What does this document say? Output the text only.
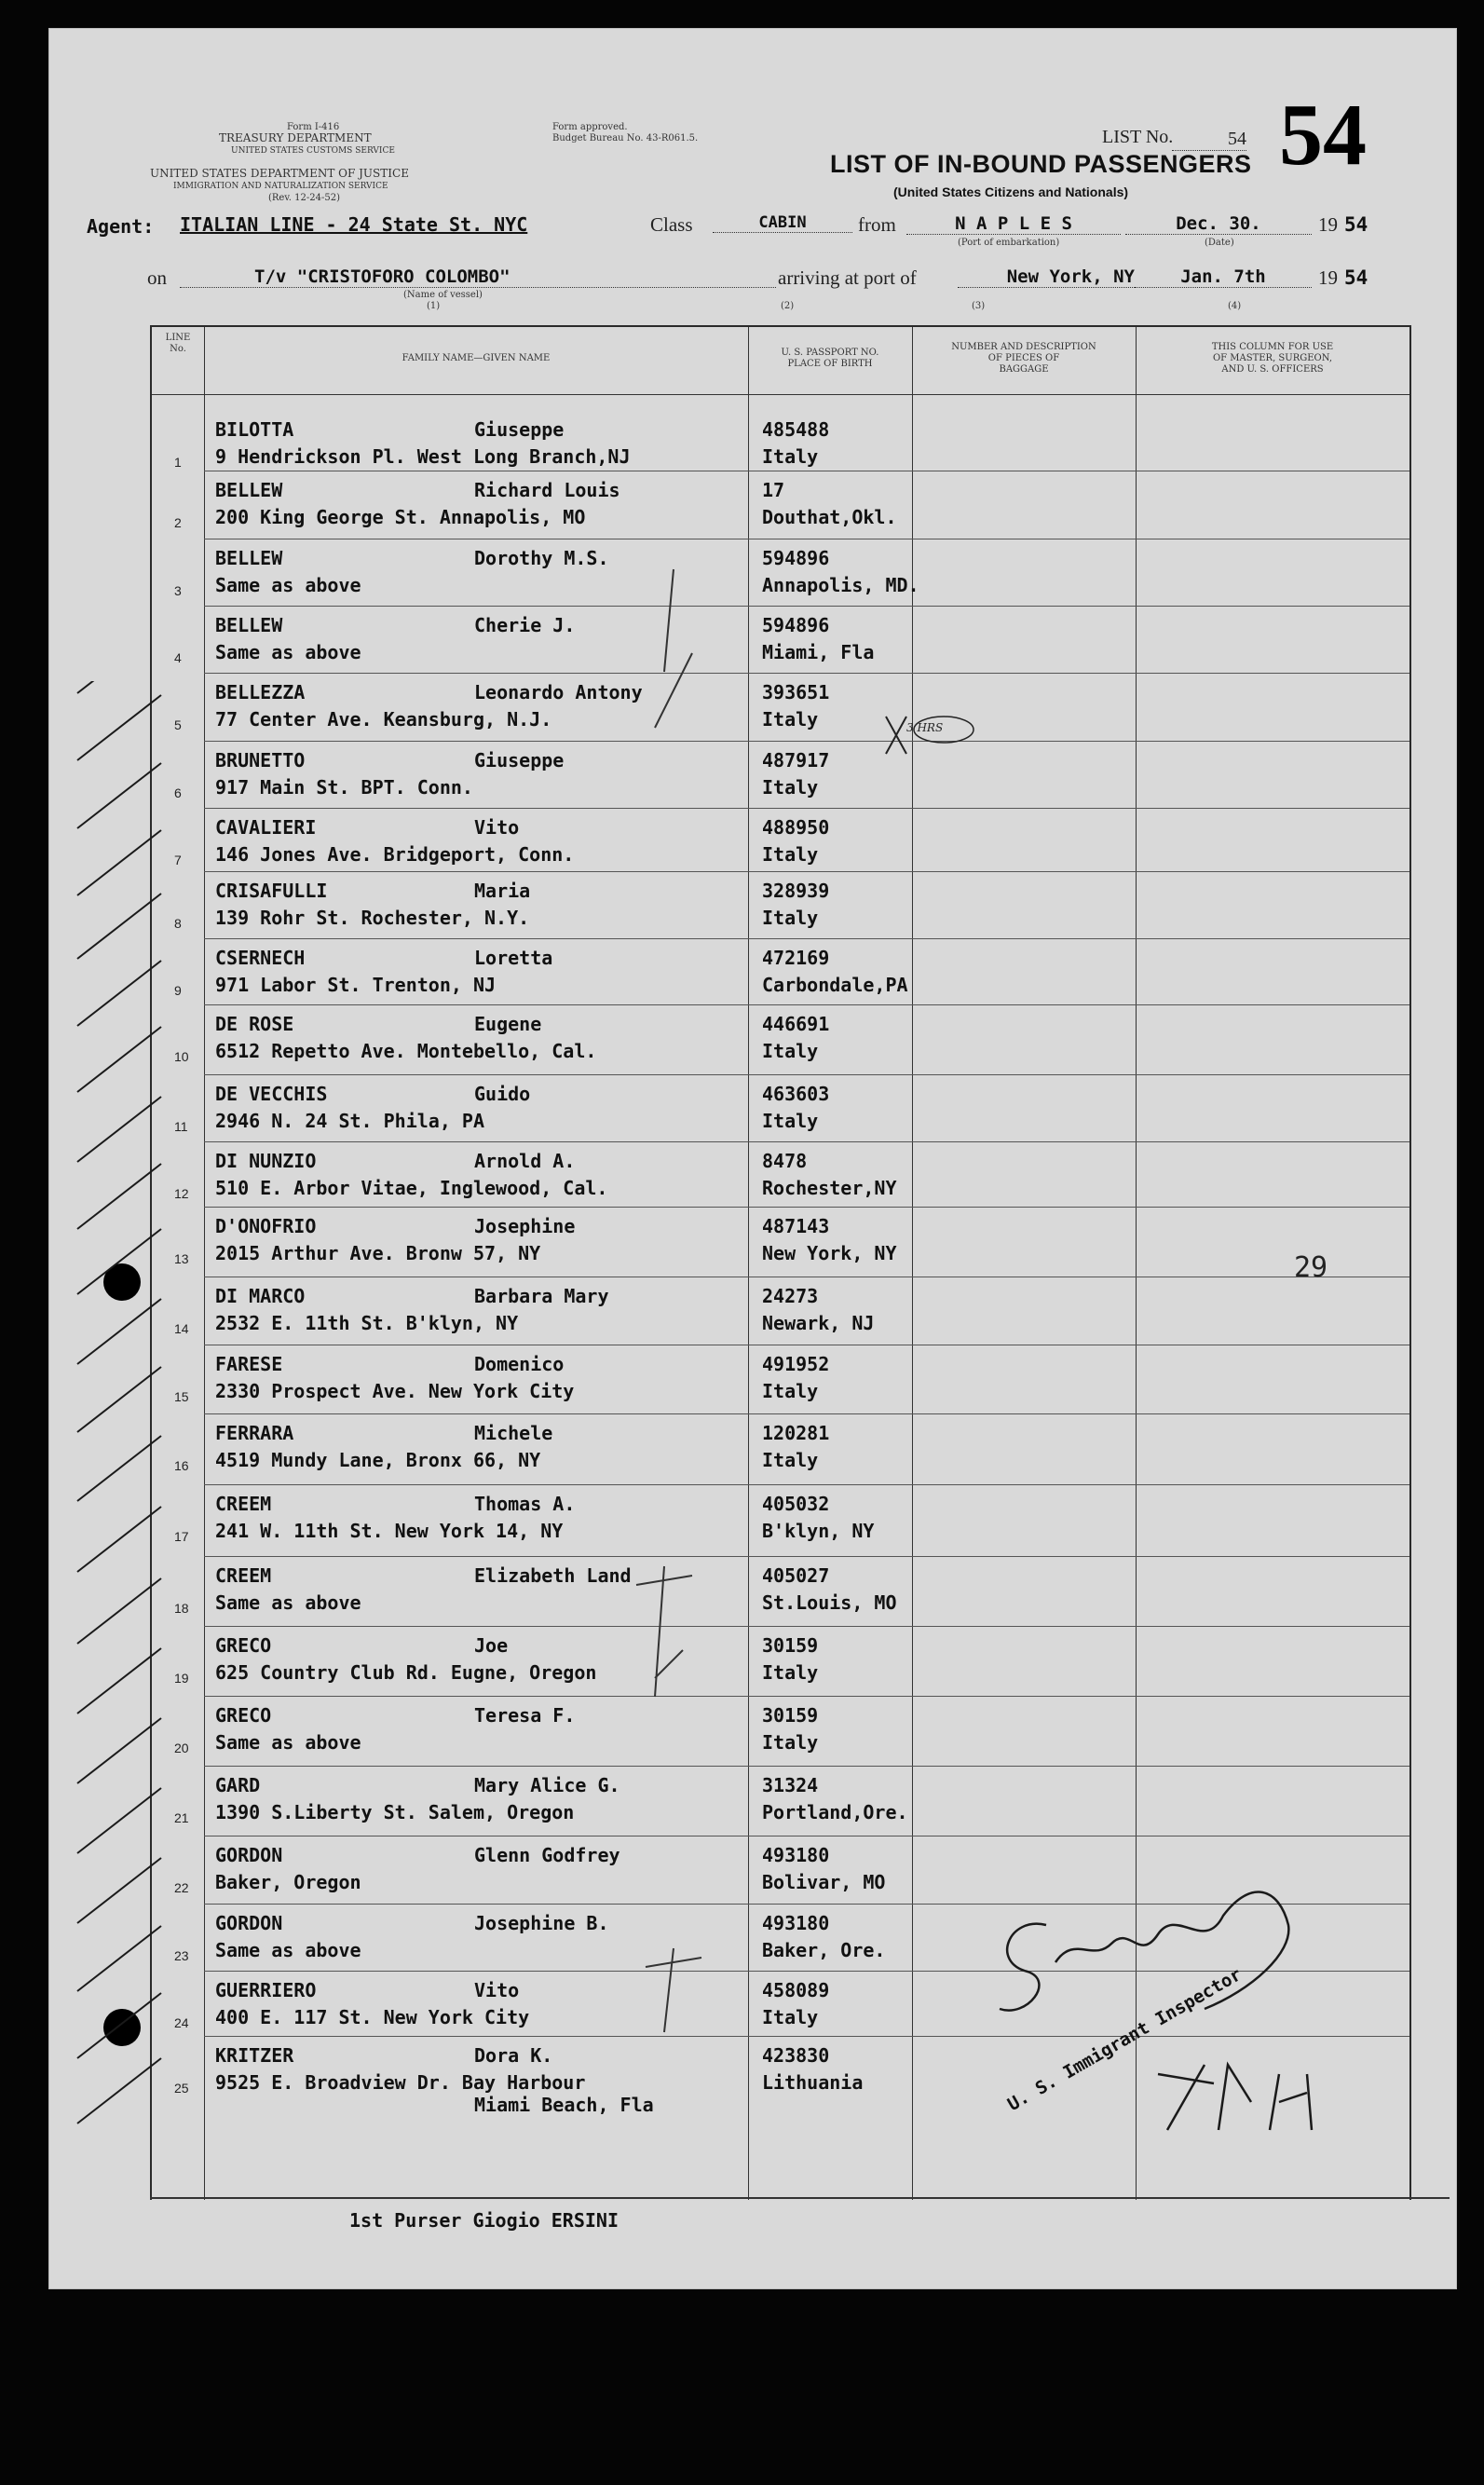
Form I-416
TREASURY DEPARTMENT
UNITED STATES CUSTOMS SERVICE
UNITED STATES DEPARTMENT OF JUSTICE
IMMIGRATION AND NATURALIZATION SERVICE
(Rev. 12-24-52)
Form approved.
Budget Bureau No. 43-R061.5.
LIST OF IN-BOUND PASSENGERS
(United States Citizens and Nationals)
LIST No.	54 54
Agent: ITALIAN LINE - 24 State St. NYC	Class	CABIN	from	N A P L E S
(Port of embarkation)
Dec. 30.
(Date)
19 54
on	T/v "CRISTOFORO COLOMBO"
(Name of vessel)
(1)
arriving at port of	New York, NY	Jan. 7th	19 54
(2)	(3)	(4)
LINE
No.
FAMILY NAME—GIVEN NAME
U. S. PASSPORT NO.
PLACE OF BIRTH
NUMBER AND DESCRIPTION
OF PIECES OF
BAGGAGE
THIS COLUMN FOR USE
OF MASTER, SURGEON,
AND U. S. OFFICERS
BILOTTA	Giuseppe
9 Hendrickson Pl. West Long Branch,NJ
485488
Italy
1
BELLEW	Richard Louis
200 King George St. Annapolis, MO
17
Douthat,Okl.
2
BELLEW	Dorothy M.S.
Same as above
594896
Annapolis, MD.
3
BELLEW	Cherie J.
Same as above
594896
Miami, Fla
4
BELLEZZA	Leonardo Antony
77 Center Ave. Keansburg, N.J.
393651
Italy
5
BRUNETTO	Giuseppe
917 Main St. BPT. Conn.
487917
Italy
6
CAVALIERI	Vito
146 Jones Ave. Bridgeport, Conn.
488950
Italy
7
CRISAFULLI	Maria
139 Rohr St. Rochester, N.Y.
328939
Italy
8
CSERNECH	Loretta
971 Labor St. Trenton, NJ
472169
Carbondale,PA
9
DE ROSE	Eugene
6512 Repetto Ave. Montebello, Cal.
446691
Italy
10
DE VECCHIS	Guido
2946 N. 24 St. Phila, PA
463603
Italy
11
DI NUNZIO	Arnold A.
510 E. Arbor Vitae, Inglewood, Cal.
8478
Rochester,NY
12
D'ONOFRIO	Josephine
2015 Arthur Ave. Bronw 57, NY
487143
New York, NY
13
DI MARCO	Barbara Mary
2532 E. 11th St. B'klyn, NY
24273
Newark, NJ
14
FARESE	Domenico
2330 Prospect Ave. New York City
491952
Italy
15
FERRARA	Michele
4519 Mundy Lane, Bronx 66, NY
120281
Italy
16
CREEM	Thomas A.
241 W. 11th St. New York 14, NY
405032
B'klyn, NY
17
CREEM	Elizabeth Land
Same as above
405027
St.Louis, MO
18
GRECO	Joe
625 Country Club Rd. Eugne, Oregon
30159
Italy
19
GRECO	Teresa F.
Same as above
30159
Italy
20
GARD	Mary Alice G.
1390 S.Liberty St. Salem, Oregon
31324
Portland,Ore.
21
GORDON	Glenn Godfrey
Baker, Oregon
493180
Bolivar, MO
22
GORDON	Josephine B.
Same as above
493180
Baker, Ore.
23
GUERRIERO	Vito
400 E. 117 St. New York City
458089
Italy
24
KRITZER	Dora K.
9525 E. Broadview Dr. Bay Harbour
Miami Beach, Fla
423830
Lithuania
25
29
3 HRS
U. S. Immigrant Inspector
1st Purser Giogio ERSINI
